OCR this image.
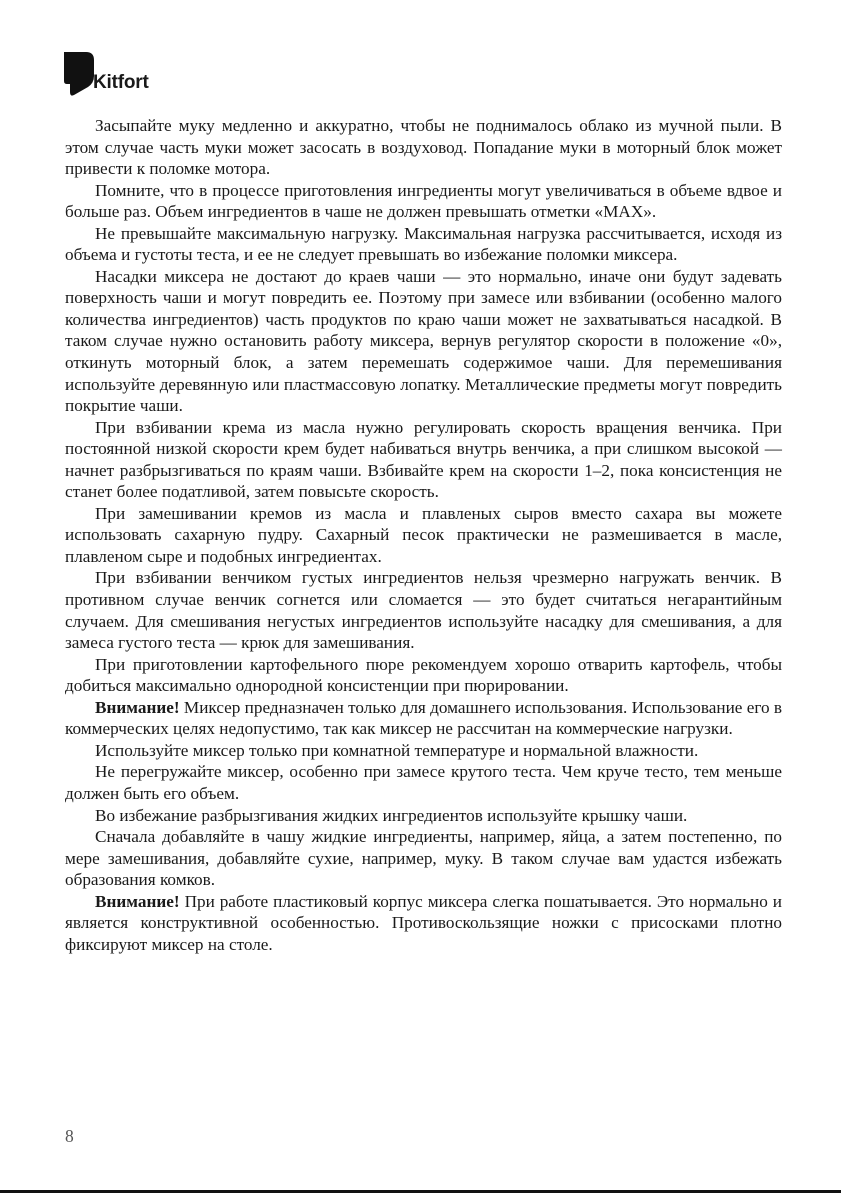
Kitfort

Засыпайте муку медленно и аккуратно, чтобы не поднималось облако из мучной пыли. В этом случае часть муки может засосать в воздуховод. Попадание муки в моторный блок может привести к поломке мотора.

Помните, что в процессе приготовления ингредиенты могут увеличиваться в объеме вдвое и больше раз. Объем ингредиентов в чаше не должен превышать отметки «MAX».

Не превышайте максимальную нагрузку. Максимальная нагрузка рассчитывается, исходя из объема и густоты теста, и ее не следует превышать во избежание поломки миксера.

Насадки миксера не достают до краев чаши — это нормально, иначе они будут задевать поверхность чаши и могут повредить ее. Поэтому при замесе или взбивании (особенно малого количества ингредиентов) часть продуктов по краю чаши может не захватываться насадкой. В таком случае нужно остановить работу миксера, вернув регулятор скорости в положение «0», откинуть моторный блок, а затем перемешать содержимое чаши. Для перемешивания используйте деревянную или пластмассовую лопатку. Металлические предметы могут повредить покрытие чаши.

При взбивании крема из масла нужно регулировать скорость вращения венчика. При постоянной низкой скорости крем будет набиваться внутрь венчика, а при слишком высокой — начнет разбрызгиваться по краям чаши. Взбивайте крем на скорости 1–2, пока консистенция не станет более податливой, затем повысьте скорость.

При замешивании кремов из масла и плавленых сыров вместо сахара вы можете использовать сахарную пудру. Сахарный песок практически не размешивается в масле, плавленом сыре и подобных ингредиентах.

При взбивании венчиком густых ингредиентов нельзя чрезмерно нагружать венчик. В противном случае венчик согнется или сломается — это будет считаться негарантийным случаем. Для смешивания негустых ингредиентов используйте насадку для смешивания, а для замеса густого теста — крюк для замешивания.

При приготовлении картофельного пюре рекомендуем хорошо отварить картофель, чтобы добиться максимально однородной консистенции при пюрировании.

Внимание! Миксер предназначен только для домашнего использования. Использование его в коммерческих целях недопустимо, так как миксер не рассчитан на коммерческие нагрузки.

Используйте миксер только при комнатной температуре и нормальной влажности.

Не перегружайте миксер, особенно при замесе крутого теста. Чем круче тесто, тем меньше должен быть его объем.

Во избежание разбрызгивания жидких ингредиентов используйте крышку чаши.

Сначала добавляйте в чашу жидкие ингредиенты, например, яйца, а затем постепенно, по мере замешивания, добавляйте сухие, например, муку. В таком случае вам удастся избежать образования комков.

Внимание! При работе пластиковый корпус миксера слегка пошатывается. Это нормально и является конструктивной особенностью. Противоскользящие ножки с присосками плотно фиксируют миксер на столе.

8
